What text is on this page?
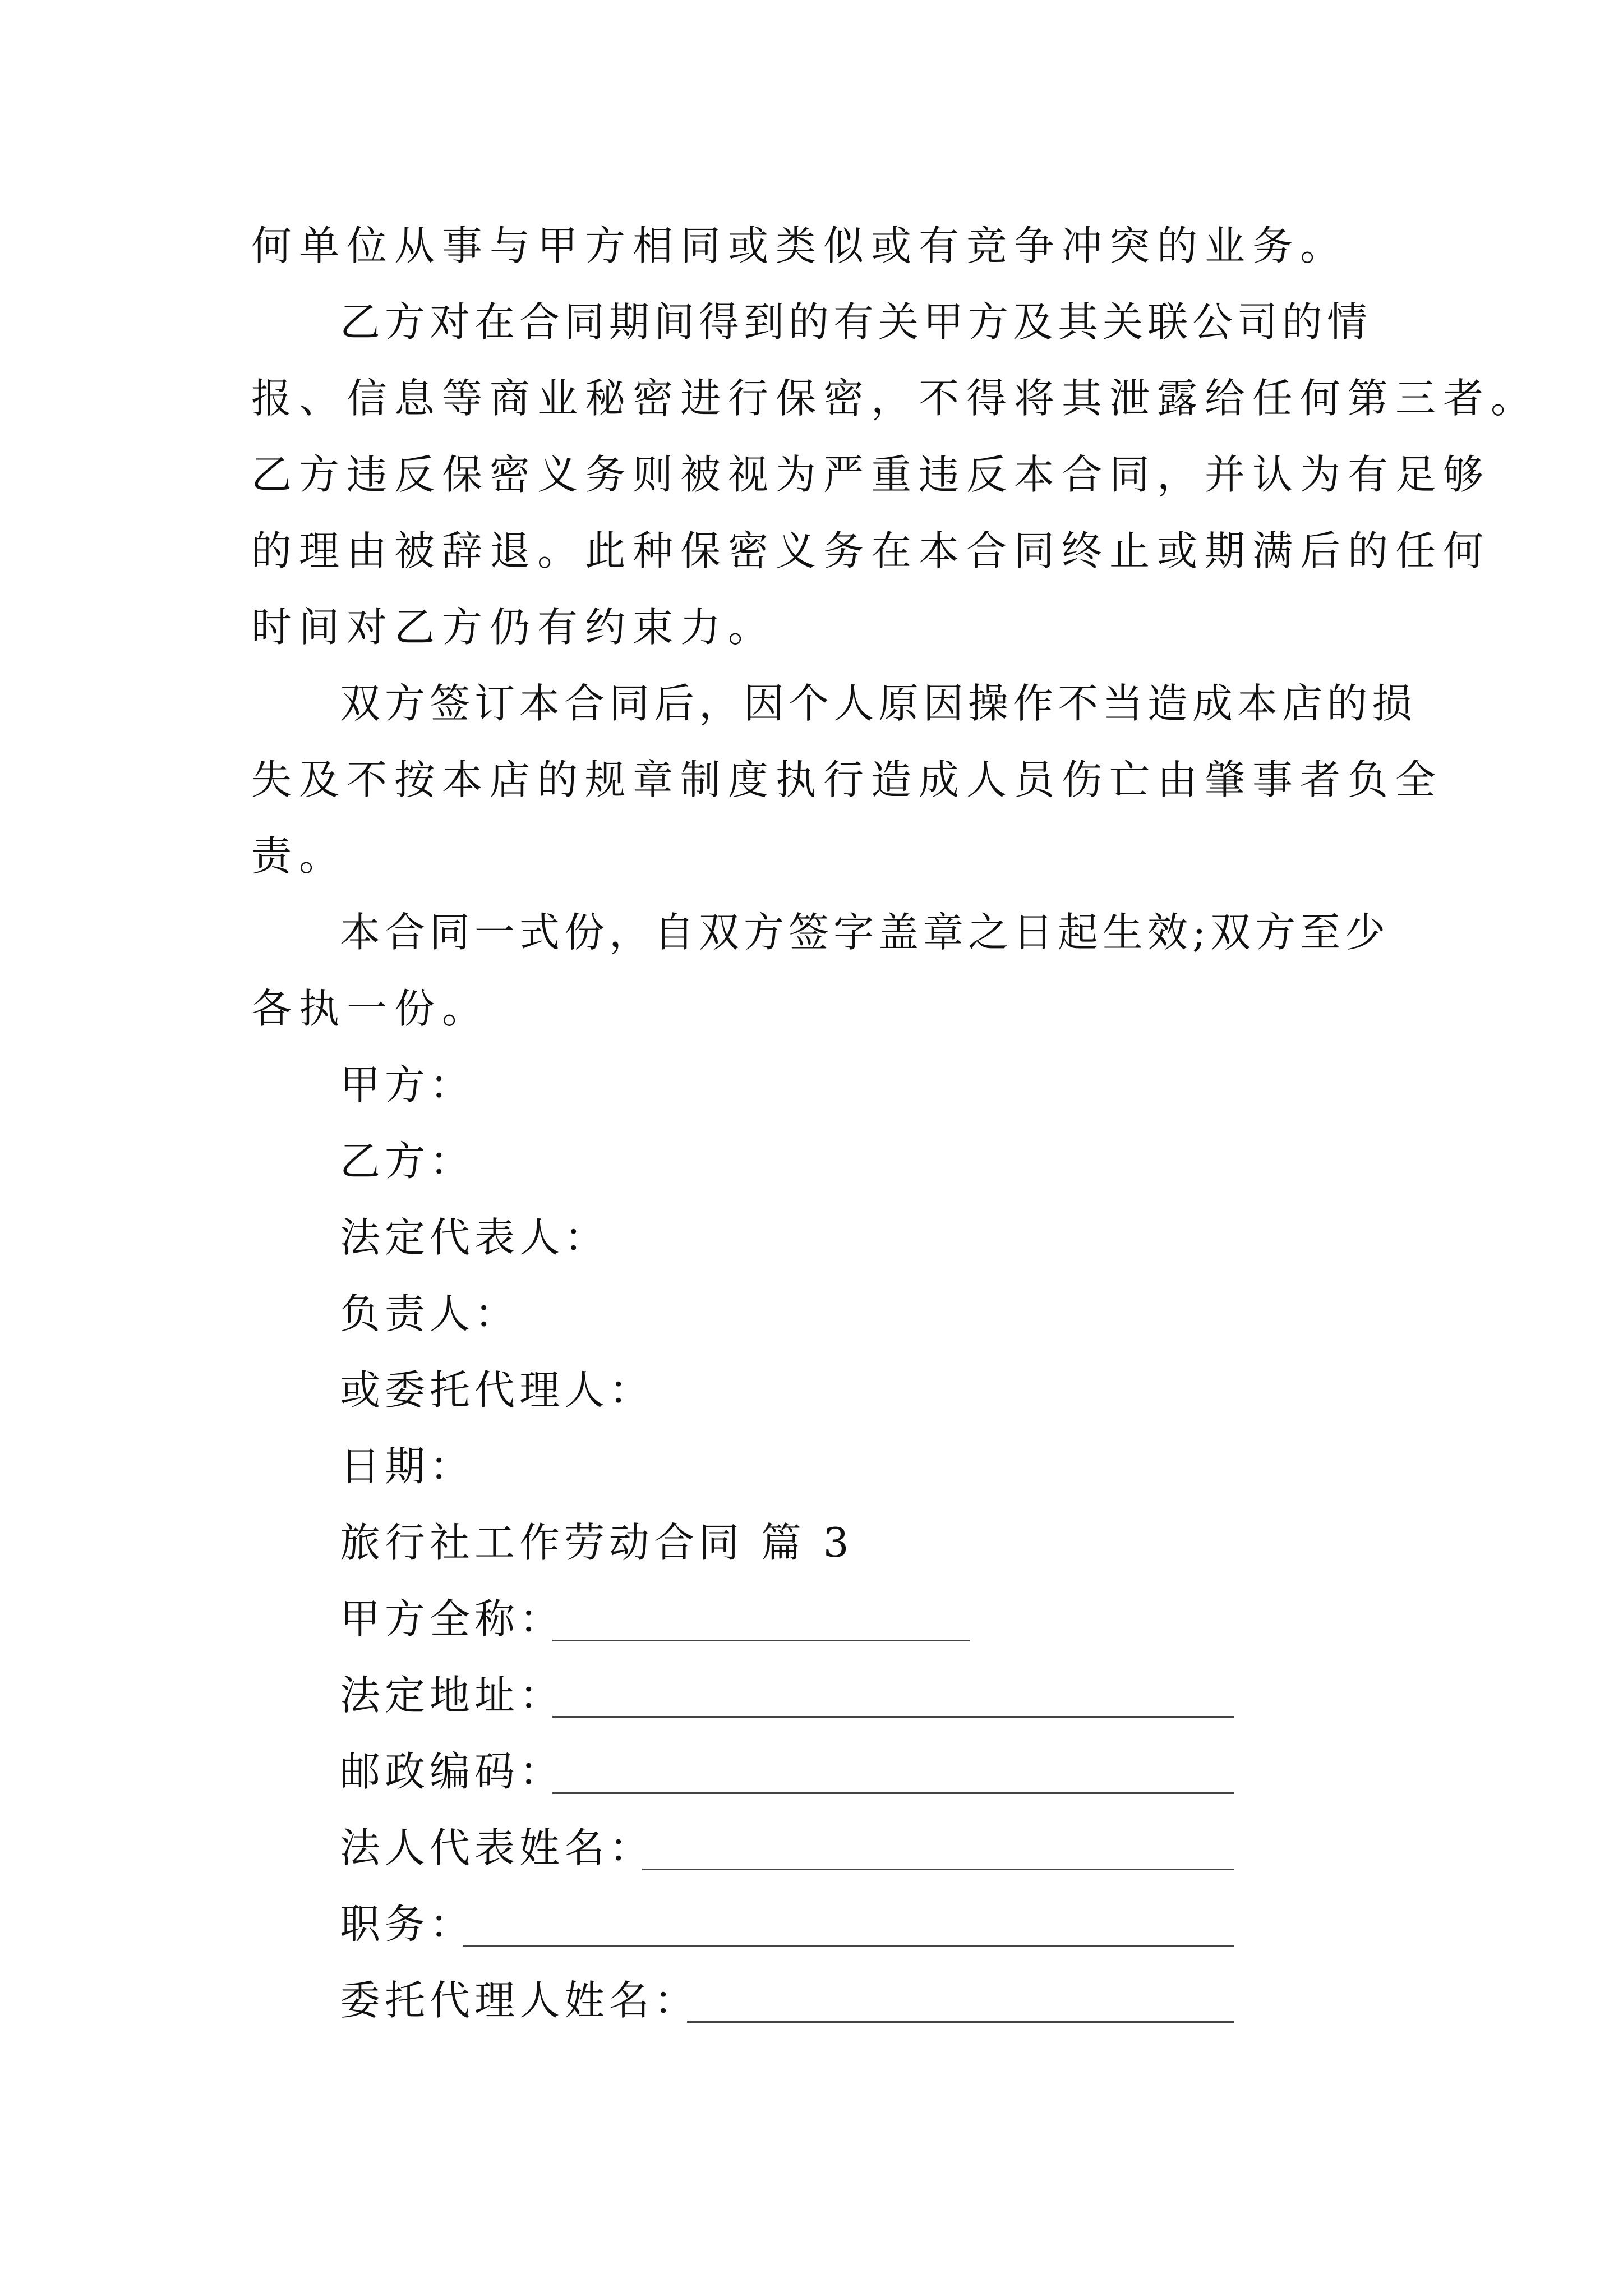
何单位从事与甲方相同或类似或有竞争冲突的业务。
乙方对在合同期间得到的有关甲方及其关联公司的情
报、信息等商业秘密进行保密，不得将其泄露给任何第三者。
乙方违反保密义务则被视为严重违反本合同，并认为有足够
的理由被辞退。此种保密义务在本合同终止或期满后的任何
时间对乙方仍有约束力。
双方签订本合同后，因个人原因操作不当造成本店的损
失及不按本店的规章制度执行造成人员伤亡由肇事者负全
责。
本合同一式份，自双方签字盖章之日起生效;双方至少
各执一份。
甲方：
乙方：
法定代表人：
负责人：
或委托代理人：
日期：
旅行社工作劳动合同 篇 3
甲方全称：
法定地址：
邮政编码：
法人代表姓名：
职务：
委托代理人姓名：
